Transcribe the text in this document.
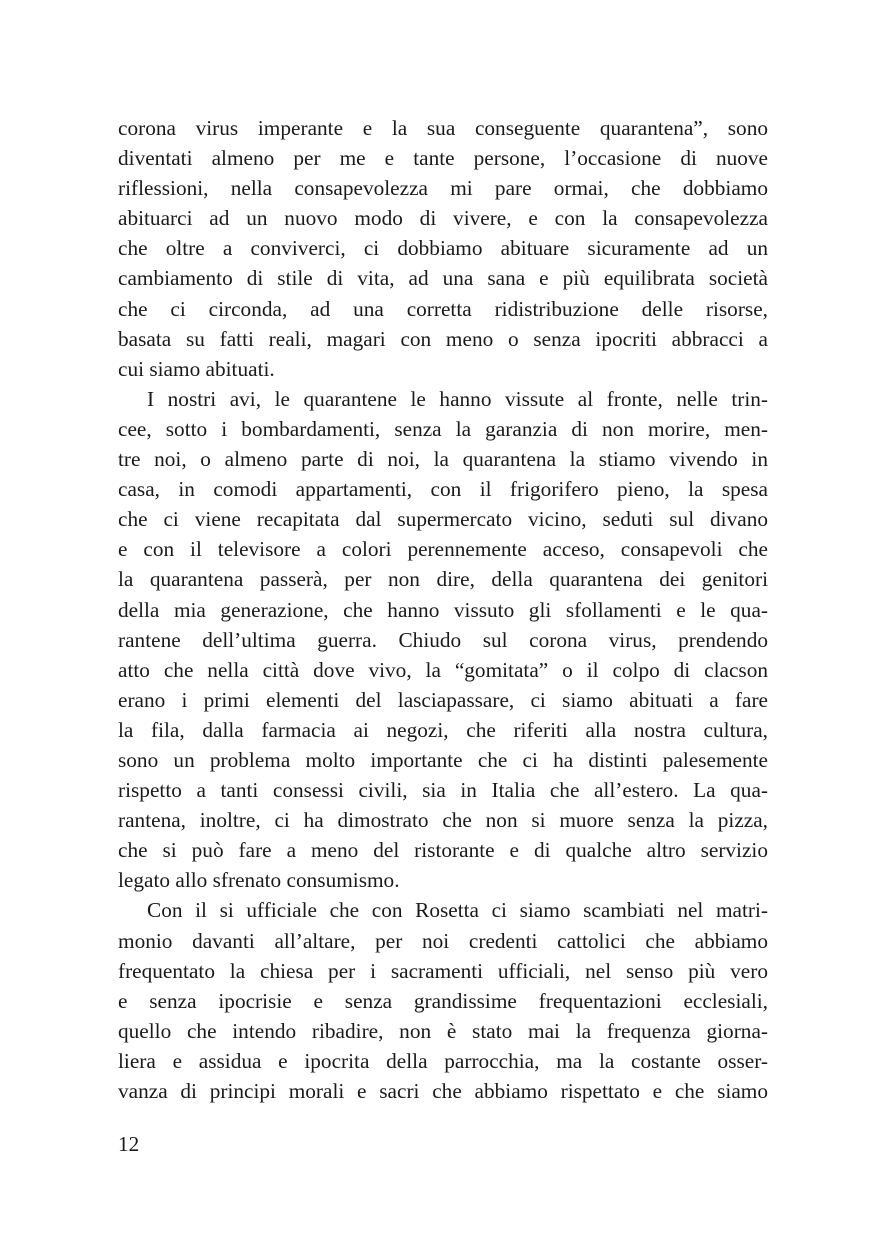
corona virus imperante e la sua conseguente quarantena”, sono
diventati almeno per me e tante persone, l’occasione di nuove
riflessioni, nella consapevolezza mi pare ormai, che dobbiamo
abituarci ad un nuovo modo di vivere, e con la consapevolezza
che oltre a conviverci, ci dobbiamo abituare sicuramente ad un
cambiamento di stile di vita, ad una sana e più equilibrata società
che ci circonda, ad una corretta ridistribuzione delle risorse,
basata su fatti reali, magari con meno o senza ipocriti abbracci a
cui siamo abituati.
I nostri avi, le quarantene le hanno vissute al fronte, nelle trin-
cee, sotto i bombardamenti, senza la garanzia di non morire, men-
tre noi, o almeno parte di noi, la quarantena la stiamo vivendo in
casa, in comodi appartamenti, con il frigorifero pieno, la spesa
che ci viene recapitata dal supermercato vicino, seduti sul divano
e con il televisore a colori perennemente acceso, consapevoli che
la quarantena passerà, per non dire, della quarantena dei genitori
della mia generazione, che hanno vissuto gli sfollamenti e le qua-
rantene dell’ultima guerra. Chiudo sul corona virus, prendendo
atto che nella città dove vivo, la “gomitata” o il colpo di clacson
erano i primi elementi del lasciapassare, ci siamo abituati a fare
la fila, dalla farmacia ai negozi, che riferiti alla nostra cultura,
sono un problema molto importante che ci ha distinti palesemente
rispetto a tanti consessi civili, sia in Italia che all’estero. La qua-
rantena, inoltre, ci ha dimostrato che non si muore senza la pizza,
che si può fare a meno del ristorante e di qualche altro servizio
legato allo sfrenato consumismo.
Con il si ufficiale che con Rosetta ci siamo scambiati nel matri-
monio davanti all’altare, per noi credenti cattolici che abbiamo
frequentato la chiesa per i sacramenti ufficiali, nel senso più vero
e senza ipocrisie e senza grandissime frequentazioni ecclesiali,
quello che intendo ribadire, non è stato mai la frequenza giorna-
liera e assidua e ipocrita della parrocchia, ma la costante osser-
vanza di principi morali e sacri che abbiamo rispettato e che siamo
12
